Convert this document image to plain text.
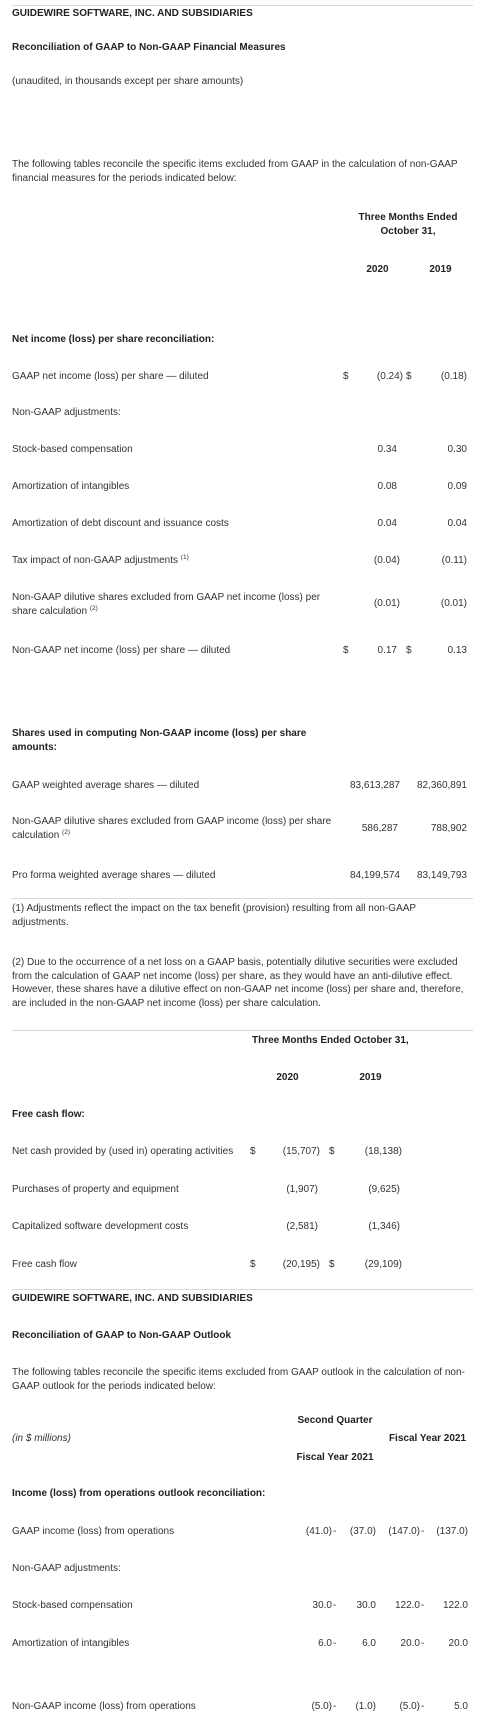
GUIDEWIRE SOFTWARE, INC. AND SUBSIDIARIES
Reconciliation of GAAP to Non-GAAP Financial Measures
(unaudited, in thousands except per share amounts)
The following tables reconcile the specific items excluded from GAAP in the calculation of non-GAAP financial measures for the periods indicated below:
Three Months Ended
October 31,
2020	2019
Net income (loss) per share reconciliation:
GAAP net income (loss) per share — diluted	$	(0.24) $	(0.18)
Non-GAAP adjustments:
Stock-based compensation	0.34	0.30
Amortization of intangibles	0.08	0.09
Amortization of debt discount and issuance costs	0.04	0.04
Tax impact of non-GAAP adjustments $^{(1)}$	(0.04)	(0.11)
Non-GAAP dilutive shares excluded from GAAP net income (loss) per share calculation $^{(2)}$	(0.01)	(0.01)
Non-GAAP net income (loss) per share — diluted	$	0.17 $	0.13
Shares used in computing Non-GAAP income (loss) per share amounts:
GAAP weighted average shares — diluted	83,613,287	82,360,891
Non-GAAP dilutive shares excluded from GAAP income (loss) per share calculation $^{(2)}$	586,287	788,902
Pro forma weighted average shares — diluted	84,199,574	83,149,793
(1) Adjustments reflect the impact on the tax benefit (provision) resulting from all non-GAAP adjustments.
(2) Due to the occurrence of a net loss on a GAAP basis, potentially dilutive securities were excluded from the calculation of GAAP net income (loss) per share, as they would have an anti-dilutive effect. However, these shares have a dilutive effect on non-GAAP net income (loss) per share and, therefore, are included in the non-GAAP net income (loss) per share calculation.
Three Months Ended October 31,
2020	2019
Free cash flow:
Net cash provided by (used in) operating activities $	(15,707) $	(18,138)
Purchases of property and equipment	(1,907)	(9,625)
Capitalized software development costs	(2,581)	(1,346)
Free cash flow	$	(20,195) $	(29,109)
GUIDEWIRE SOFTWARE, INC. AND SUBSIDIARIES
Reconciliation of GAAP to Non-GAAP Outlook
The following tables reconcile the specific items excluded from GAAP outlook in the calculation of non-GAAP outlook for the periods indicated below:
(in $ millions)
Second Quarter
Fiscal Year 2021
Fiscal Year 2021
Income (loss) from operations outlook reconciliation:
GAAP income (loss) from operations	(41.0) -	(37.0)	(147.0) -	(137.0)
Non-GAAP adjustments:
Stock-based compensation	30.0 -	30.0	122.0 -	122.0
Amortization of intangibles	6.0 -	6.0	20.0 -	20.0
Non-GAAP income (loss) from operations	(5.0) -	(1.0)	(5.0) -	5.0
